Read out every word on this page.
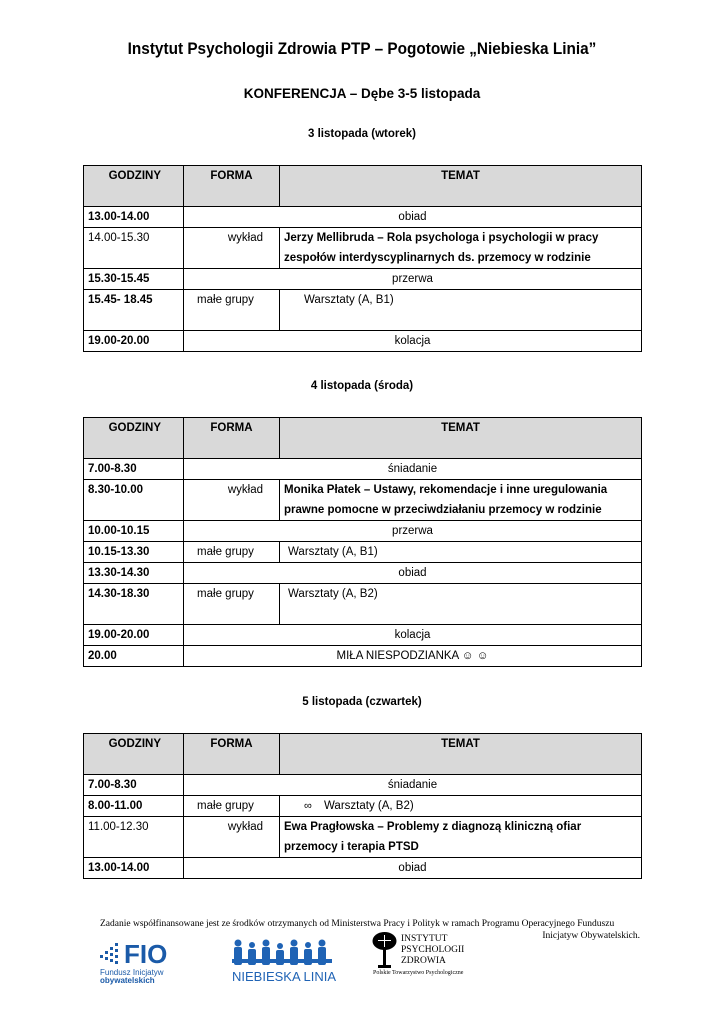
Instytut Psychologii Zdrowia PTP – Pogotowie „Niebieska Linia”
KONFERENCJA – Dębe 3-5 listopada
3 listopada (wtorek)
GODZINY	FORMA	TEMAT
13.00-14.00	obiad	
14.00-15.30	wykład	Jerzy Mellibruda – Rola psychologa i psychologii w pracy
zespołów interdyscyplinarnych ds. przemocy w rodzinie

15.30-15.45	przerwa	
15.45- 18.45	małe grupy	Warsztaty (A, B1)
19.00-20.00	kolacja	
4 listopada (środa)
GODZINY	FORMA	TEMAT
7.00-8.30	śniadanie	
8.30-10.00	wykład	Monika Płatek – Ustawy, rekomendacje i inne uregulowania
prawne pomocne w przeciwdziałaniu przemocy w rodzinie

10.00-10.15	przerwa	
10.15-13.30	małe grupy	Warsztaty (A, B1)
13.30-14.30	obiad	
14.30-18.30	małe grupy	Warsztaty (A, B2)
19.00-20.00	kolacja	
20.00	MIŁA NIESPODZIANKA ☺ ☺	
5 listopada (czwartek)
GODZINY	FORMA	TEMAT
7.00-8.30	śniadanie	
8.00-11.00	małe grupy	∞ Warsztaty (A, B2)
11.00-12.30	wykład	Ewa Pragłowska – Problemy z diagnozą kliniczną ofiar
przemocy i terapia PTSD

13.00-14.00	obiad	
Zadanie współfinansowane jest ze środków otrzymanych od Ministerstwa Pracy i Polityk w ramach Programu Operacyjnego Funduszu
Inicjatyw Obywatelskich.
FIO
Fundusz Inicjatyw
obywatelskich	NIEBIESKA LINIA
INSTYTUT
PSYCHOLOGII
ZDROWIA
Polskie Towarzystwo Psychologiczne
